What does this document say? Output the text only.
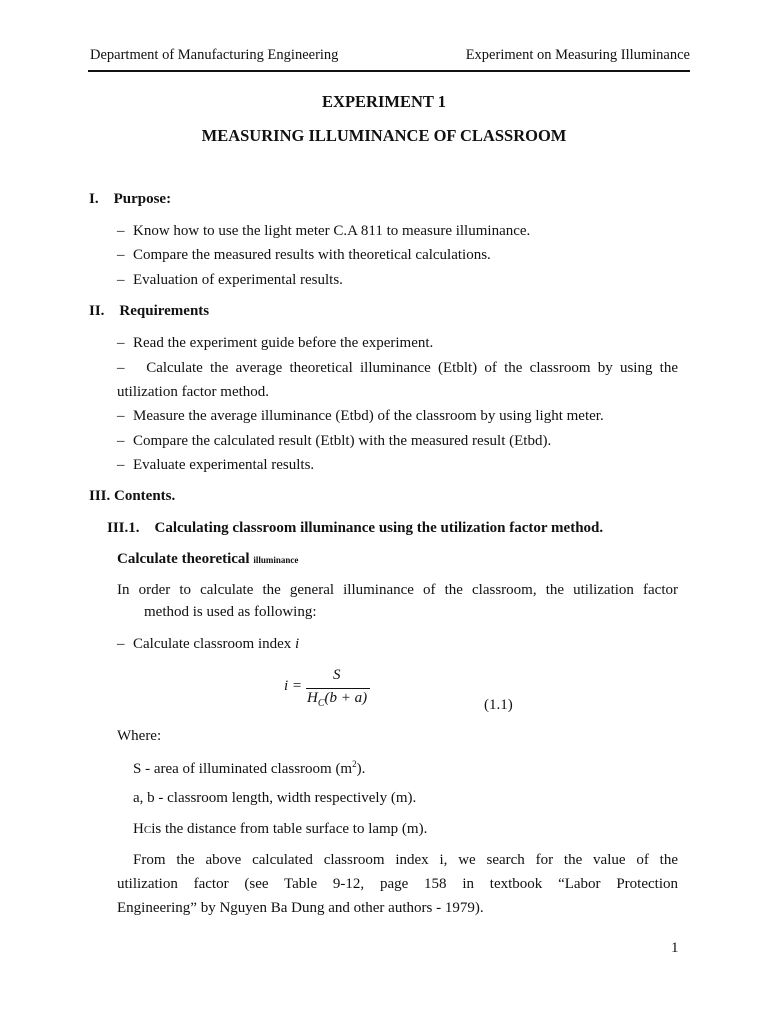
Department of Manufacturing Engineering	Experiment on Measuring Illuminance
EXPERIMENT 1
MEASURING ILLUMINANCE OF CLASSROOM
I. Purpose:
– Know how to use the light meter C.A 811 to measure illuminance.
– Compare the measured results with theoretical calculations.
– Evaluation of experimental results.
II. Requirements
– Read the experiment guide before the experiment.
– Calculate the average theoretical illuminance (Etblt) of the classroom by using the
utilization factor method.
– Measure the average illuminance (Etbd) of the classroom by using light meter.
– Compare the calculated result (Etblt) with the measured result (Etbd).
– Evaluate experimental results.
III. Contents.
III.1. Calculating classroom illuminance using the utilization factor method.
Calculate theoretical illuminance
In order to calculate the general illuminance of the classroom, the utilization factor
method is used as following:
– Calculate classroom index i
i =
S
$H_C(b + a)$	(1.1)
Where:
S - area of illuminated classroom $(m^2)$.
a, b - classroom length, width respectively (m).
HCis the distance from table surface to lamp (m).
From the above calculated classroom index i, we search for the value of the
utilization factor (see Table 9-12, page 158 in textbook “Labor Protection
Engineering” by Nguyen Ba Dung and other authors - 1979).
1
